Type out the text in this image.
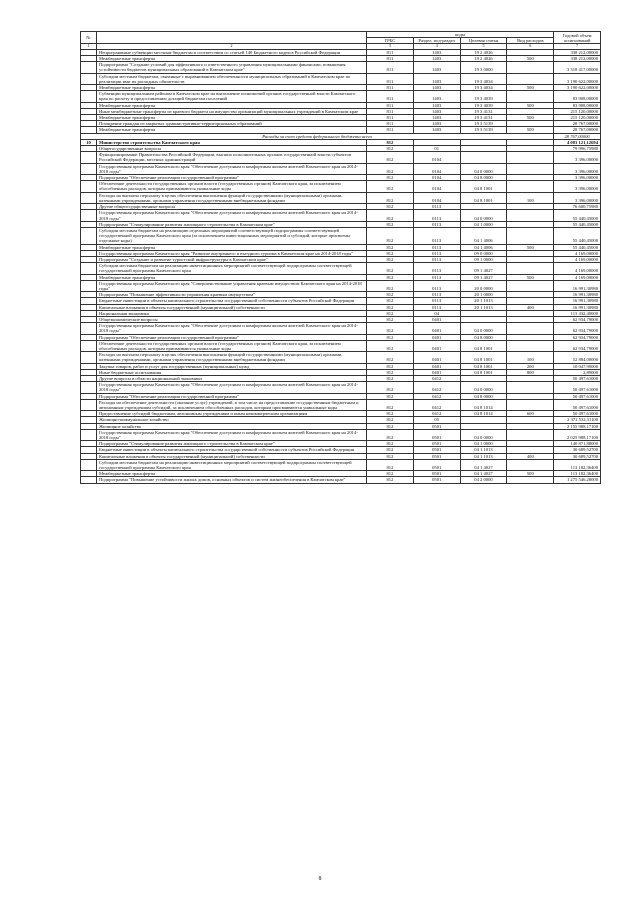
№		коды				Годовой объем ассигнований
		ГРБС	Раздел, под-раздел	Целевая статья	Вид расходов	
1	2	3	4	5	6	7
	Непрограммные субвенции местным бюджетам в соответствии со статьей 140 Бюджетного кодекса Российской Федерации	811	1403	19 2 4026		338 212,00000
	Межбюджетные трансферты	811	1403	19 2 4026	500	338 212,00000
	Подпрограмма "Создание условий для эффективного и ответственного управления муниципальными финансами, повышения устойчивости бюджетов муниципальных образований в Камчатском крае"	811	1403	19 3 0000		3 318 417,00000
	Субсидии местным бюджетам, связанные с выравниванием обеспеченности муниципальных образований в Камчатском крае по реализации ими их расходных обязательств	811	1403	19 3 4034		3 190 622,00000
	Межбюджетные трансферты	811	1403	19 3 4034	500	3 190 622,00000
	Субвенции муниципальным районам в Камчатском крае на выполнение полномочий органов государственной власти Камчатского края по расчету и предоставлению дотаций бюджетам поселений	811	1403	19 3 4039		83 908,00000
	Межбюджетные трансферты	811	1403	19 3 4039	500	83 908,00000
	Иные межбюджетные трансферты из краевого бюджета на имущество организаций муниципальных учреждений в Камчатском крае	811	1403	19 3 4131		215 120,00000
	Межбюджетные трансферты	811	1403	19 3 4131	500	215 120,00000
	Поощрение граждан из закрытых административно-территориальных образований	811	1403	19 3 5139		28 767,00000
	Межбюджетные трансферты	811	1403	19 3 5139	500	28 767,00000
Расходы за счет средств федерального бюджета всего						28 767,00000
10	Министерство строительства Камчатского края	812				4 083 121,12694
	Общегосударственные вопросы	812	01			79 996,75980
	Функционирование Правительства Российской Федерации, высших исполнительных органов государственной власти субъектов Российской Федерации, местных администраций	812	0104			3 396,00000
	Государственная программа Камчатского края "Обеспечение доступным и комфортным жильем жителей Камчатского края на 2014-2018 годы"	812	0104	04 0 0000		3 396,00000
	Подпрограмма "Обеспечение реализации государственной программы"	812	0104	04 8 0000		3 396,00000
	Обеспечение деятельности государственных органов власти (государственных органов) Камчатского края, за исключением обособленных расходов, которым присваиваются уникальные коды	812	0104	04 8 1001		3 396,00000
	Расходы на выплаты персоналу в целях обеспечения выполнения функций государственными (муниципальными) органами, казенными учреждениями, органами управления государственными внебюджетными фондами	812	0104	04 8 1001	100	3 396,00000
	Другие общегосударственные вопросы	812	0113			76 600,75980
	Государственная программа Камчатского края "Обеспечение доступным и комфортным жильем жителей Камчатского края на 2014-2018 годы"	812	0113	04 0 0000		55 440,45000
	Подпрограмма "Стимулирование развития жилищного строительства в Камчатском крае"	812	0113	04 1 0000		55 440,45000
	Субсидии местным бюджетам на реализацию отдельных мероприятий соответствующей подпрограммы соответствующей государственной программы Камчатского края (за исключением инвестиционных мероприятий и субсидий, которые присвоены отдельные коды)	812	0113	04 1 4006		55 440,45000
	Межбюджетные трансферты	812	0113	04 1 4006	500	55 440,45000
	Государственная программа Камчатского края "Развитие внутреннего и въездного туризма в Камчатском крае на 2014-2018 годы"	812	0113	09 0 0000		4 169,00000
	Подпрограмма "Создание и развитие туристской инфраструктуры в Камчатском крае"	812	0113	09 1 0000		4 169,00000
	Субсидии местным бюджетам на реализацию инвестиционных мероприятий соответствующей подпрограммы соответствующей государственной программы Камчатского края	812	0113	09 1 4027		4 169,00000
	Межбюджетные трансферты	812	0113	09 1 4027	500	4 169,00000
	Государственная программа Камчатского края "Совершенствование управления краевым имуществом Камчатского края на 2014-2018 годы"	812	0113	20 0 0000		16 991,30980
	Подпрограмма "Повышение эффективности управления краевым имуществом"	812	0113	20 1 0000		16 991,30980
	Бюджетные инвестиции в объекты капитального строительства государственной собственности субъектов Российской Федерации	812	0113	20 1 1013		16 991,30980
	Капитальные вложения в объекты государственной (муниципальной) собственности	812	0113	20 1 1013	400	16 991,30980
	Национальная экономика	812	04			113 432,40000
	Общеэкономические вопросы	812	0401			62 934,79000
	Государственная программа Камчатского края "Обеспечение доступным и комфортным жильем жителей Камчатского края на 2014-2018 годы"	812	0401	04 0 0000		62 934,79000
	Подпрограмма "Обеспечение реализации государственной программы"	812	0401	04 8 0000		62 934,79000
	Обеспечение деятельности государственных органов власти (государственных органов) Камчатского края, за исключением обособленных расходов, которым присваиваются уникальные коды	812	0401	04 8 1001		62 934,79000
	Расходы на выплаты персоналу в целях обеспечения выполнения функций государственными (муниципальными) органами, казенными учреждениями, органами управления государственными внебюджетными фондами	812	0401	04 8 1001	100	52 884,00000
	Закупка товаров, работ и услуг для государственных (муниципальных) нужд	812	0401	04 8 1001	200	10 047,90000
	Иные бюджетные ассигнования	812	0401	04 8 1001	800	2,89000
	Другие вопросы в области национальной экономики	812	0412			50 497,61000
	Государственная программа Камчатского края "Обеспечение доступным и комфортным жильем жителей Камчатского края на 2014-2018 годы"	812	0412	04 0 0000		50 497,61000
	Подпрограмма "Обеспечение реализации государственной программы"	812	0412	04 8 0000		50 497,61000
	Расходы на обеспечение деятельности (оказание услуг) учреждений, в том числе на предоставление государственным бюджетным и автономным учреждениям субсидий, за исключением обособленных расходов, которым присваиваются уникальные коды	812	0412	04 8 1014		50 497,61000
	Предоставление субсидий бюджетным, автономным учреждениям и иным некоммерческим организациям	812	0412	04 8 1014	600	50 497,61000
	Жилищно-коммунальное хозяйство	812	05			2 372 532,31100
	Жилищное хозяйство	812	0501			2 155 988,17100
	Государственная программа Камчатского края "Обеспечение доступным и комфортным жильем жителей Камчатского края на 2014-2018 годы"	812	0501	04 0 0000		2 025 988,17100
	Подпрограмма "Стимулирование развития жилищного строительства в Камчатском крае"	812	0501	04 1 0000		140 871,88000
	Бюджетные инвестиции в объекты капитального строительства государственной собственности субъектов Российской Федерации	812	0501	04 1 1013		30 689,52700
	Капитальные вложения в объекты государственной (муниципальной) собственности	812	0501	04 1 1013	400	30 689,52700
	Субсидии местным бюджетам на реализацию инвестиционных мероприятий соответствующей подпрограммы соответствующей государственной программы Камчатского края	812	0501	04 1 4027		113 182,36400
	Межбюджетные трансферты	812	0501	04 1 4027	500	113 182,36400
	Подпрограмма "Повышение устойчивости жилых домов, основных объектов и систем жизнеобеспечения в Камчатском крае"	812	0501	04 2 0000		1 275 546,28000
8
